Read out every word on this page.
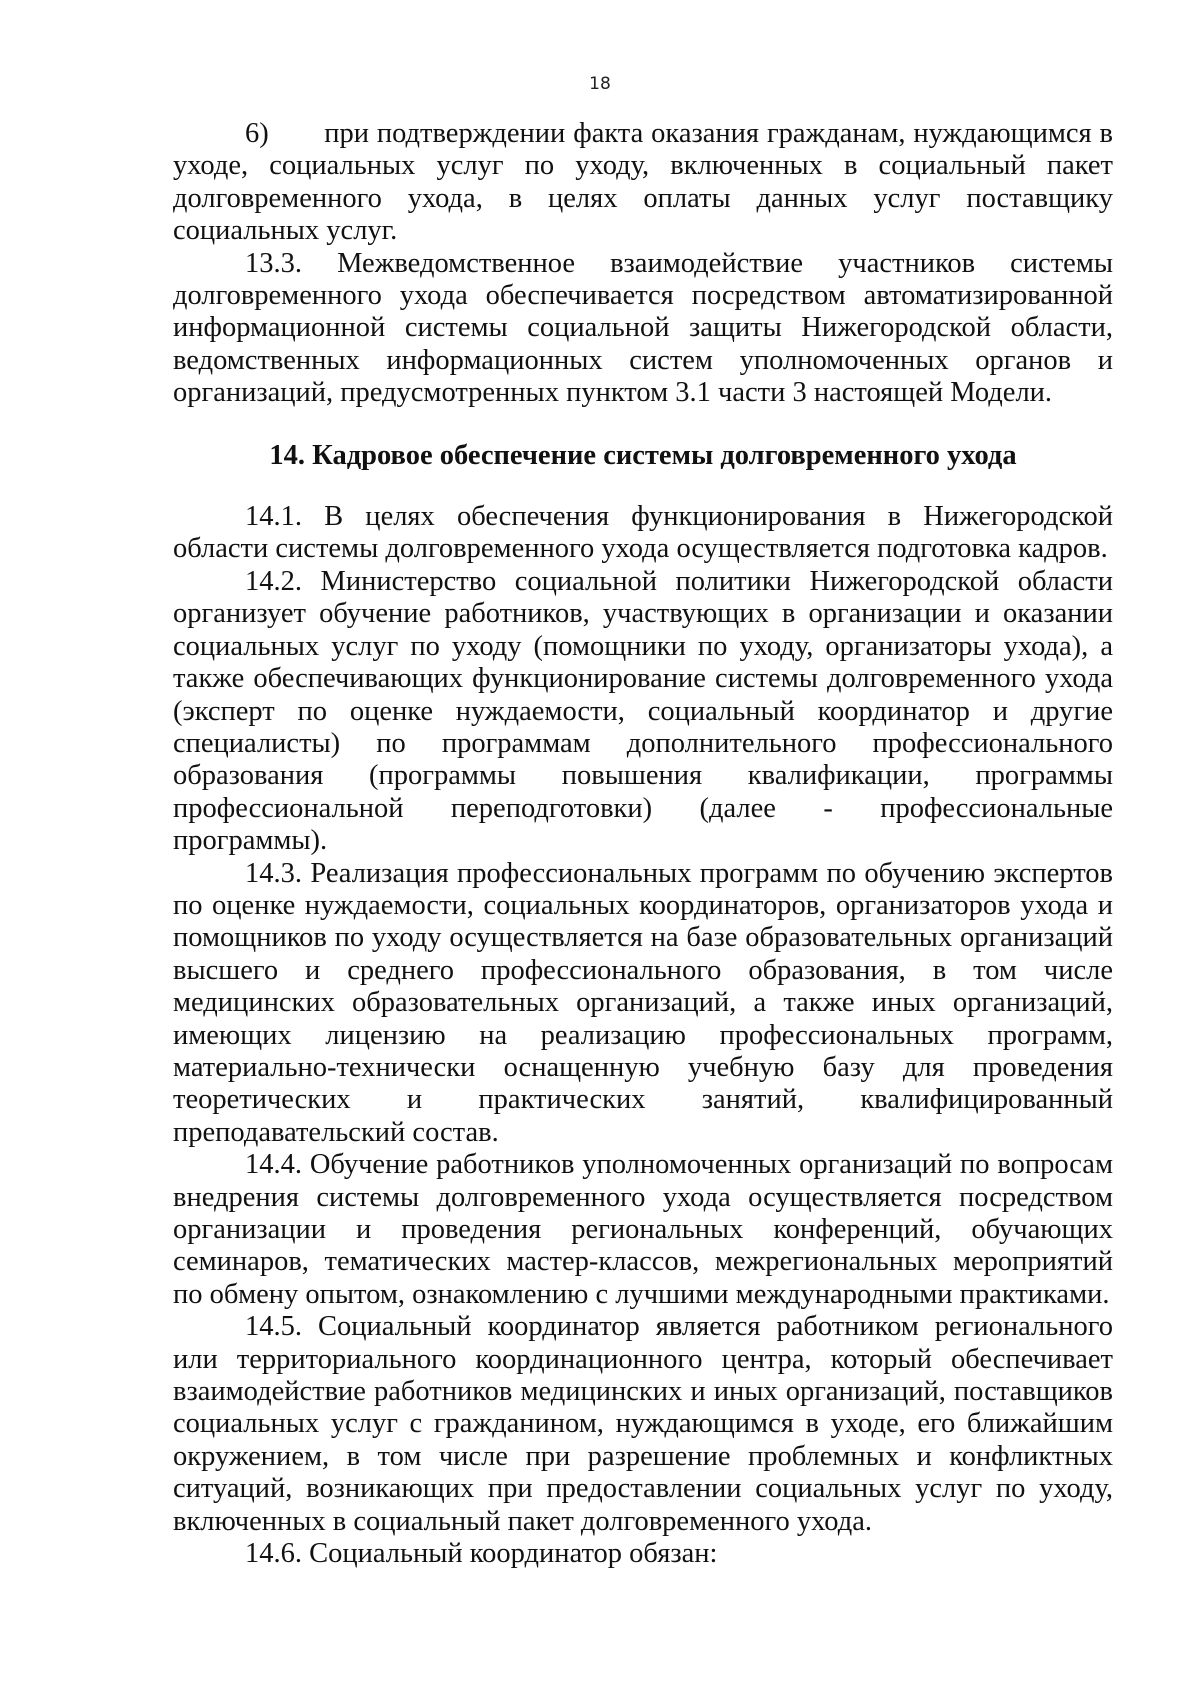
18

6)       при подтверждении факта оказания гражданам, нуждающимся в уходе, социальных услуг по уходу, включенных в социальный пакет долговременного ухода, в целях оплаты данных услуг поставщику социальных услуг.

13.3. Межведомственное взаимодействие участников системы долговременного ухода обеспечивается посредством автоматизированной информационной системы социальной защиты Нижегородской области, ведомственных информационных систем уполномоченных органов и организаций, предусмотренных пунктом 3.1 части 3 настоящей Модели.

14. Кадровое обеспечение системы долговременного ухода

14.1. В целях обеспечения функционирования в Нижегородской области системы долговременного ухода осуществляется подготовка кадров.

14.2. Министерство социальной политики Нижегородской области организует обучение работников, участвующих в организации и оказании социальных услуг по уходу (помощники по уходу, организаторы ухода), а также обеспечивающих функционирование системы долговременного ухода (эксперт по оценке нуждаемости, социальный координатор и другие специалисты) по программам дополнительного профессионального образования (программы повышения квалификации, программы профессиональной переподготовки) (далее - профессиональные программы).

14.3. Реализация профессиональных программ по обучению экспертов по оценке нуждаемости, социальных координаторов, организаторов ухода и помощников по уходу осуществляется на базе образовательных организаций высшего и среднего профессионального образования, в том числе медицинских образовательных организаций, а также иных организаций, имеющих лицензию на реализацию профессиональных программ, материально-технически оснащенную учебную базу для проведения теоретических и практических занятий, квалифицированный преподавательский состав.

14.4. Обучение работников уполномоченных организаций по вопросам внедрения системы долговременного ухода осуществляется посредством организации и проведения региональных конференций, обучающих семинаров, тематических мастер-классов, межрегиональных мероприятий по обмену опытом, ознакомлению с лучшими международными практиками.

14.5. Социальный координатор является работником регионального или территориального координационного центра, который обеспечивает взаимодействие работников медицинских и иных организаций, поставщиков социальных услуг с гражданином, нуждающимся в уходе, его ближайшим окружением, в том числе при разрешение проблемных и конфликтных ситуаций, возникающих при предоставлении социальных услуг по уходу, включенных в социальный пакет долговременного ухода.

14.6. Социальный координатор обязан:
